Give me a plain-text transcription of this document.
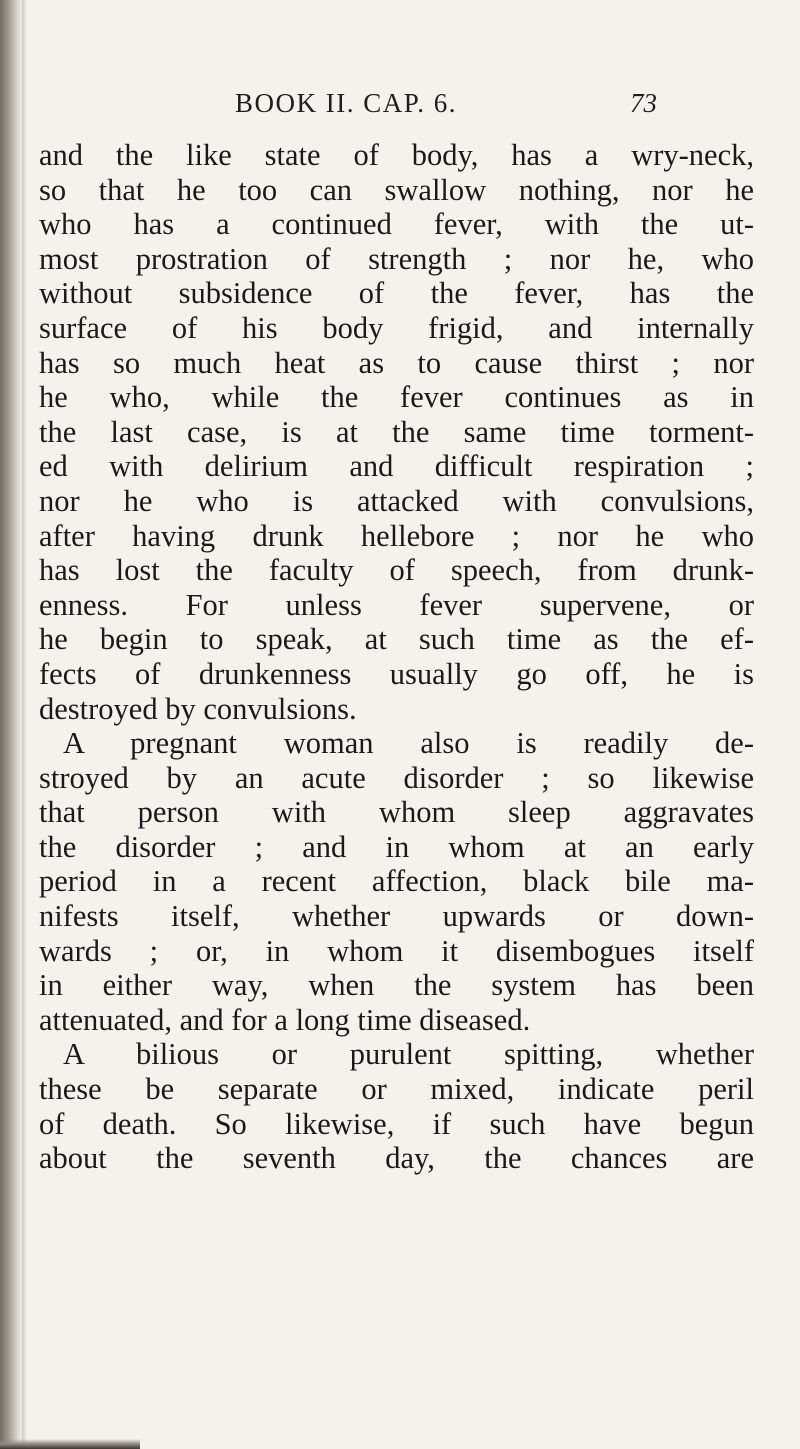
BOOK II. CAP. 6.	73
and the like state of body, has a wry-neck,
so that he too can swallow nothing, nor he
who has a continued fever, with the ut-
most prostration of strength ; nor he, who
without subsidence of the fever, has the
surface of his body frigid, and internally
has so much heat as to cause thirst ; nor
he who, while the fever continues as in
the last case, is at the same time torment-
ed with delirium and difficult respiration ;
nor he who is attacked with convulsions,
after having drunk hellebore ; nor he who
has lost the faculty of speech, from drunk-
enness. For unless fever supervene, or
he begin to speak, at such time as the ef-
fects of drunkenness usually go off, he is
destroyed by convulsions.
A pregnant woman also is readily de-
stroyed by an acute disorder ; so likewise
that person with whom sleep aggravates
the disorder ; and in whom at an early
period in a recent affection, black bile ma-
nifests itself, whether upwards or down-
wards ; or, in whom it disembogues itself
in either way, when the system has been
attenuated, and for a long time diseased.
A bilious or purulent spitting, whether
these be separate or mixed, indicate peril
of death. So likewise, if such have begun
about the seventh day, the chances are
